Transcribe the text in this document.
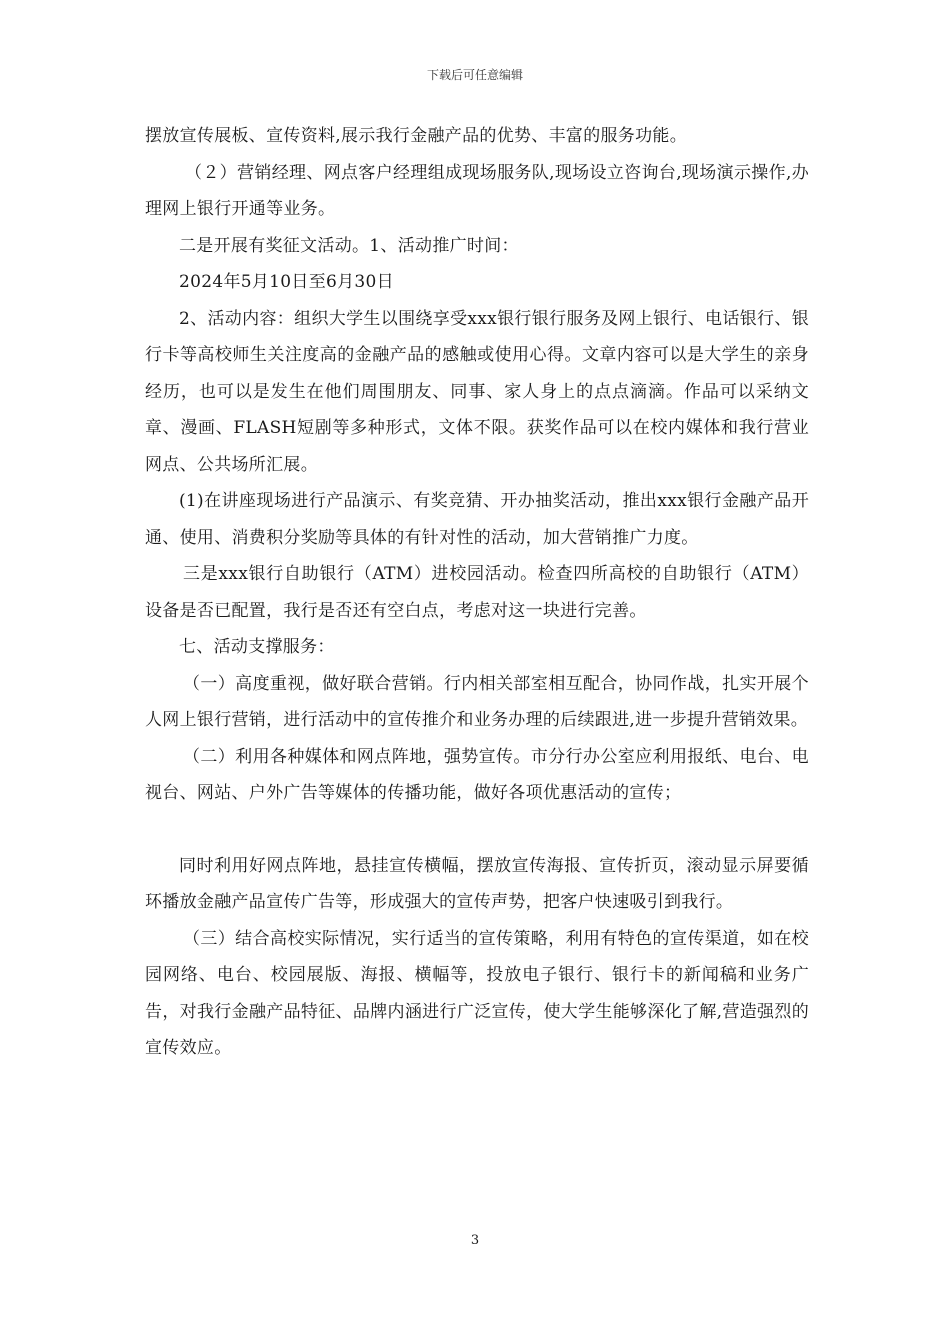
下载后可任意编辑

摆放宣传展板、宣传资料,展示我行金融产品的优势、丰富的服务功能。

（２）营销经理、网点客户经理组成现场服务队,现场设立咨询台,现场演示操作,办理网上银行开通等业务。

二是开展有奖征文活动。1、活动推广时间：

2024年5月10日至6月30日

2、活动内容：组织大学生以围绕享受xxx银行银行服务及网上银行、电话银行、银行卡等高校师生关注度高的金融产品的感触或使用心得。文章内容可以是大学生的亲身经历，也可以是发生在他们周围朋友、同事、家人身上的点点滴滴。作品可以采纳文章、漫画、FLASH短剧等多种形式，文体不限。获奖作品可以在校内媒体和我行营业网点、公共场所汇展。

(1)在讲座现场进行产品演示、有奖竞猜、开办抽奖活动，推出xxx银行金融产品开通、使用、消费积分奖励等具体的有针对性的活动，加大营销推广力度。

三是xxx银行自助银行（ATM）进校园活动。检查四所高校的自助银行（ATM）设备是否已配置，我行是否还有空白点，考虑对这一块进行完善。

七、活动支撑服务：

（一）高度重视，做好联合营销。行内相关部室相互配合，协同作战，扎实开展个人网上银行营销，进行活动中的宣传推介和业务办理的后续跟进,进一步提升营销效果。

（二）利用各种媒体和网点阵地，强势宣传。市分行办公室应利用报纸、电台、电视台、网站、户外广告等媒体的传播功能，做好各项优惠活动的宣传；

同时利用好网点阵地，悬挂宣传横幅，摆放宣传海报、宣传折页，滚动显示屏要循环播放金融产品宣传广告等，形成强大的宣传声势，把客户快速吸引到我行。

（三）结合高校实际情况，实行适当的宣传策略，利用有特色的宣传渠道，如在校园网络、电台、校园展版、海报、横幅等，投放电子银行、银行卡的新闻稿和业务广告，对我行金融产品特征、品牌内涵进行广泛宣传，使大学生能够深化了解,营造强烈的宣传效应。

3
